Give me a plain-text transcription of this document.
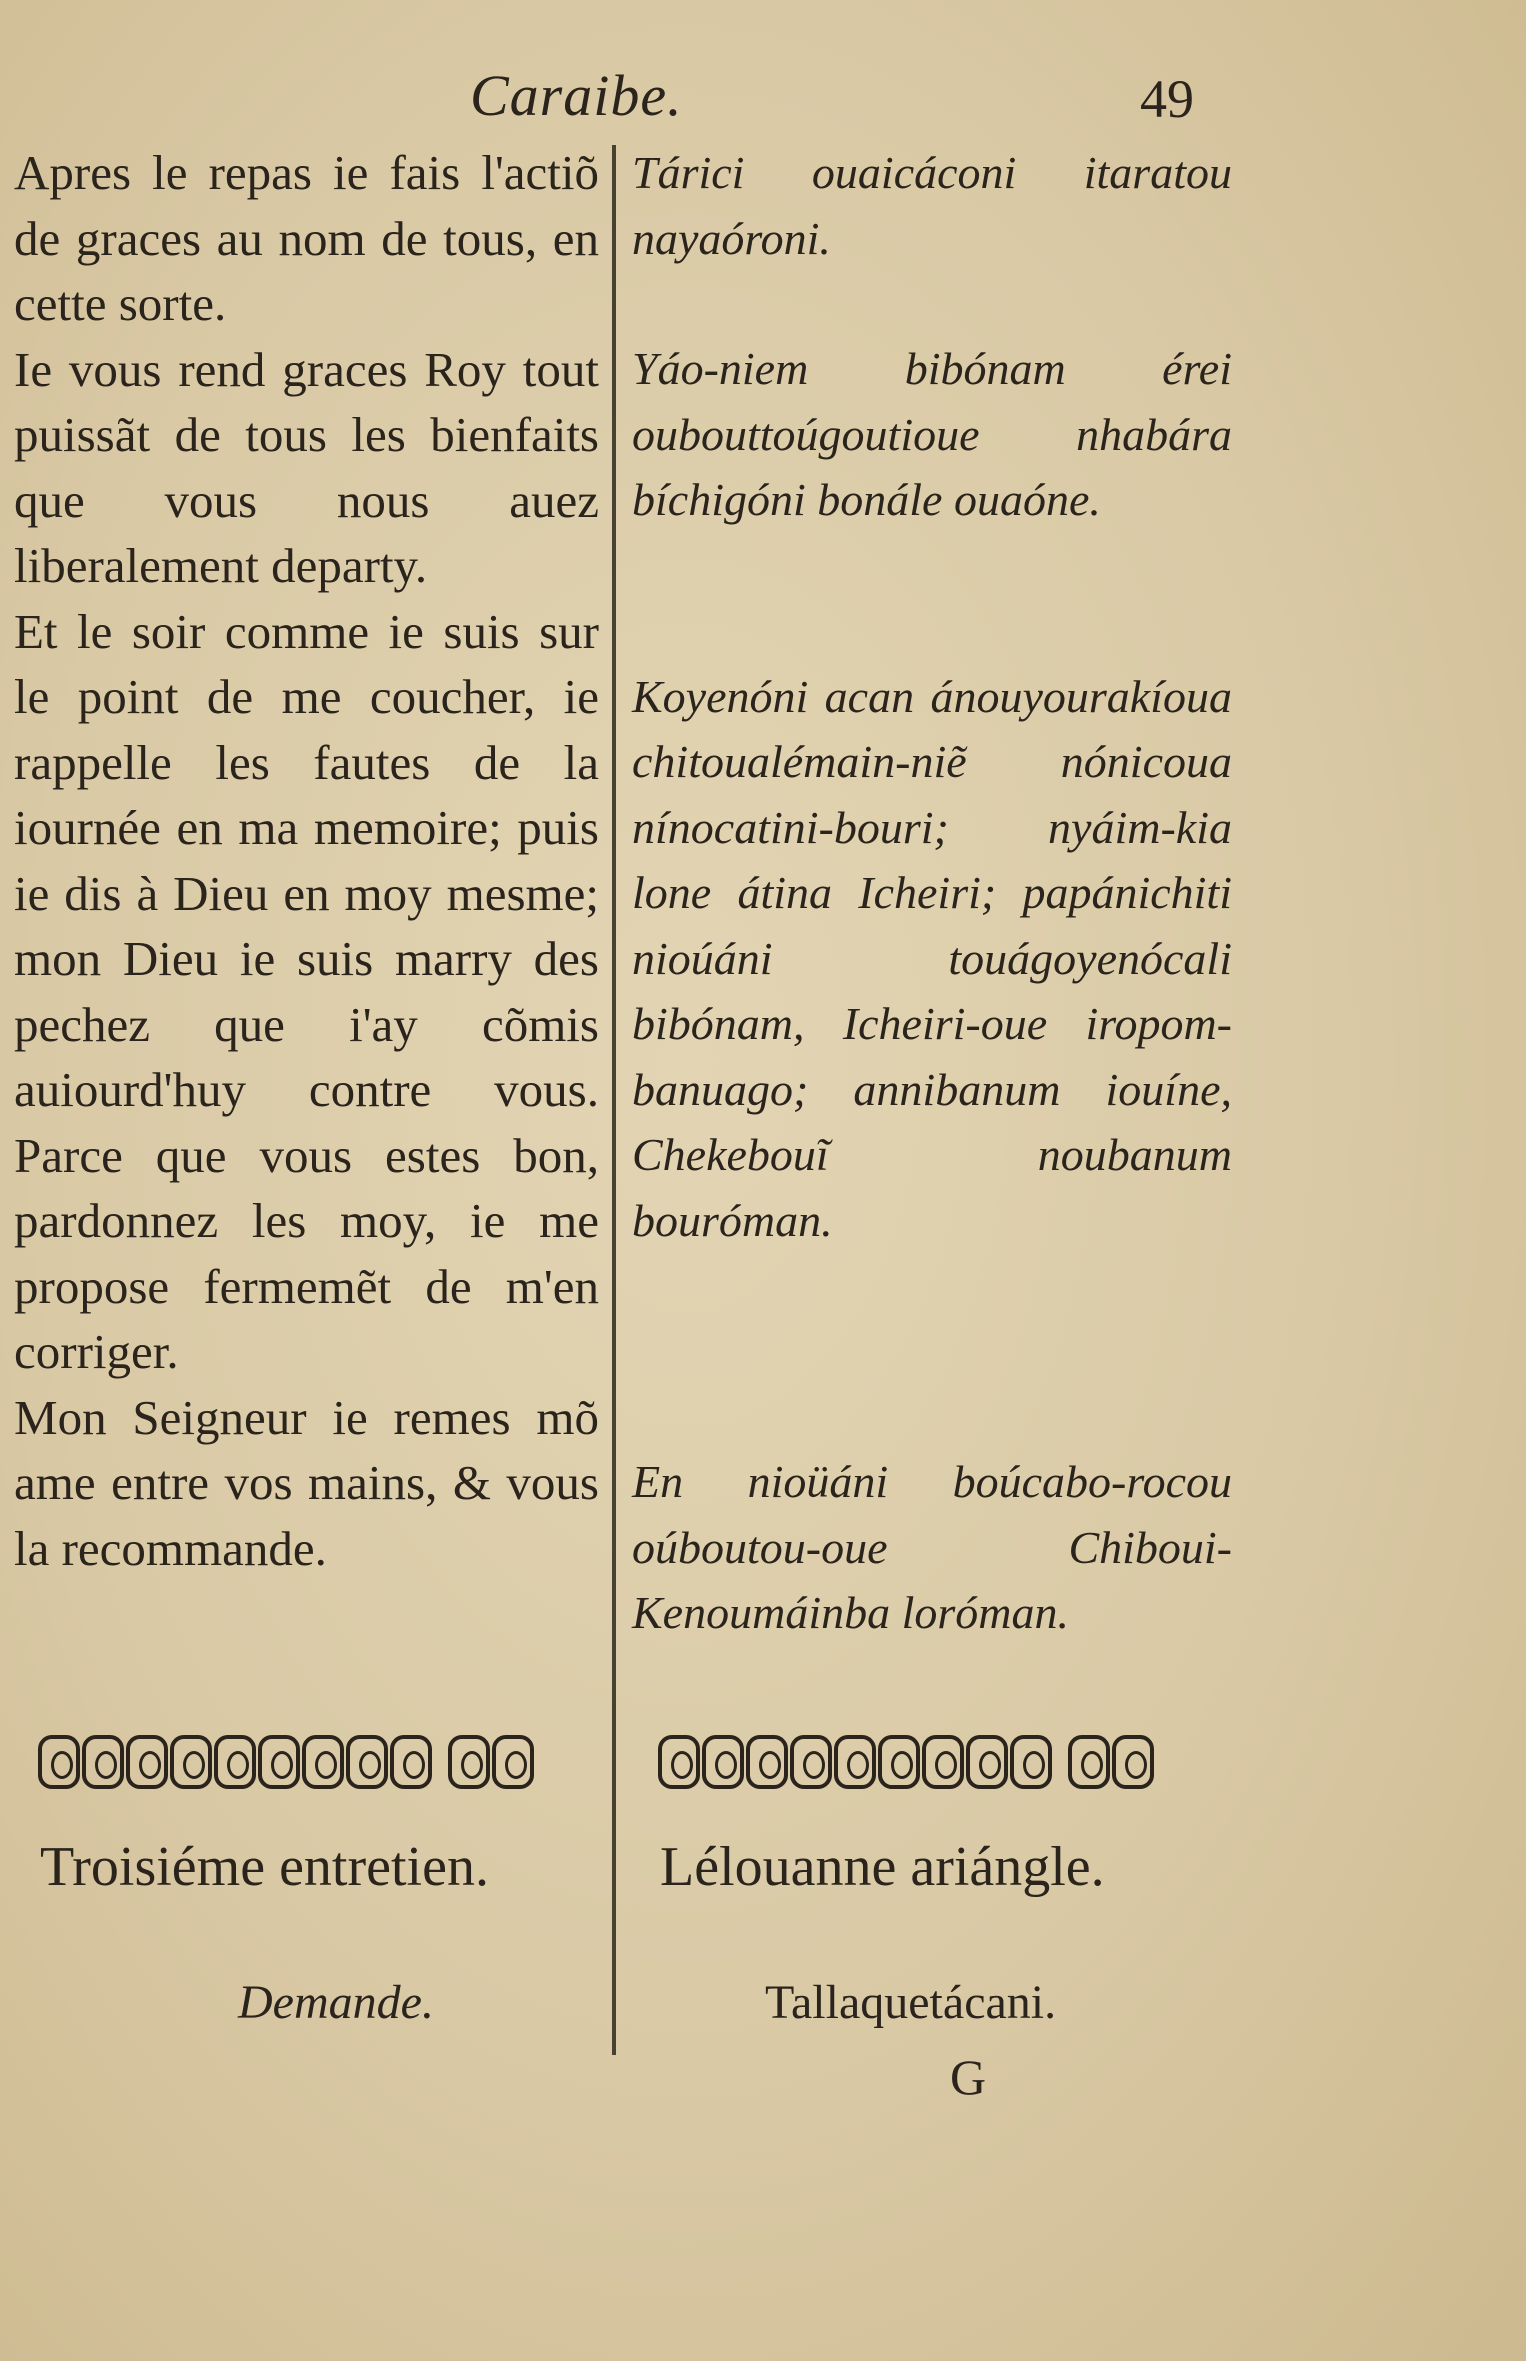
Caraibe.	49

Apres le repas ie fais l'actiõ de graces au nom de tous, en cette sorte.

Ie vous rend graces Roy tout puissãt de tous les bienfaits que vous nous auez liberalement departy.

Et le soir comme ie suis sur le point de me coucher, ie rappelle les fautes de la iournée en ma memoire; puis ie dis à Dieu en moy mesme; mon Dieu ie suis marry des pechez que i'ay cõmis auiourd'huy contre vous. Parce que vous estes bon, pardonnez les moy, ie me propose fermemẽt de m'en corriger.

Mon Seigneur ie remes mõ ame entre vos mains, & vous la recommande.

Tárici ouaicáconi itaratou nayaóroni.

Yáo-niem bibónam érei oubouttoúgoutioue nhabára bíchigóni bonále ouaóne.

Koyenóni acan ánouyourakíoua chitoualémain-niẽ nónicoua nínocatini-bouri; nyáim-kia lone átina Icheiri; papánichiti nioúáni touágoyenócali bibónam, Icheiri-oue iropom-banuago; annibanum iouíne, Chekebouĩ noubanum bouróman.

En nioüáni boúcabo-rocou oúboutou-oue Chiboui-Kenoumáinba loróman.

Troisiéme entretien.	Lélouanne ariángle.
Demande.	Tallaquetácani.
G
